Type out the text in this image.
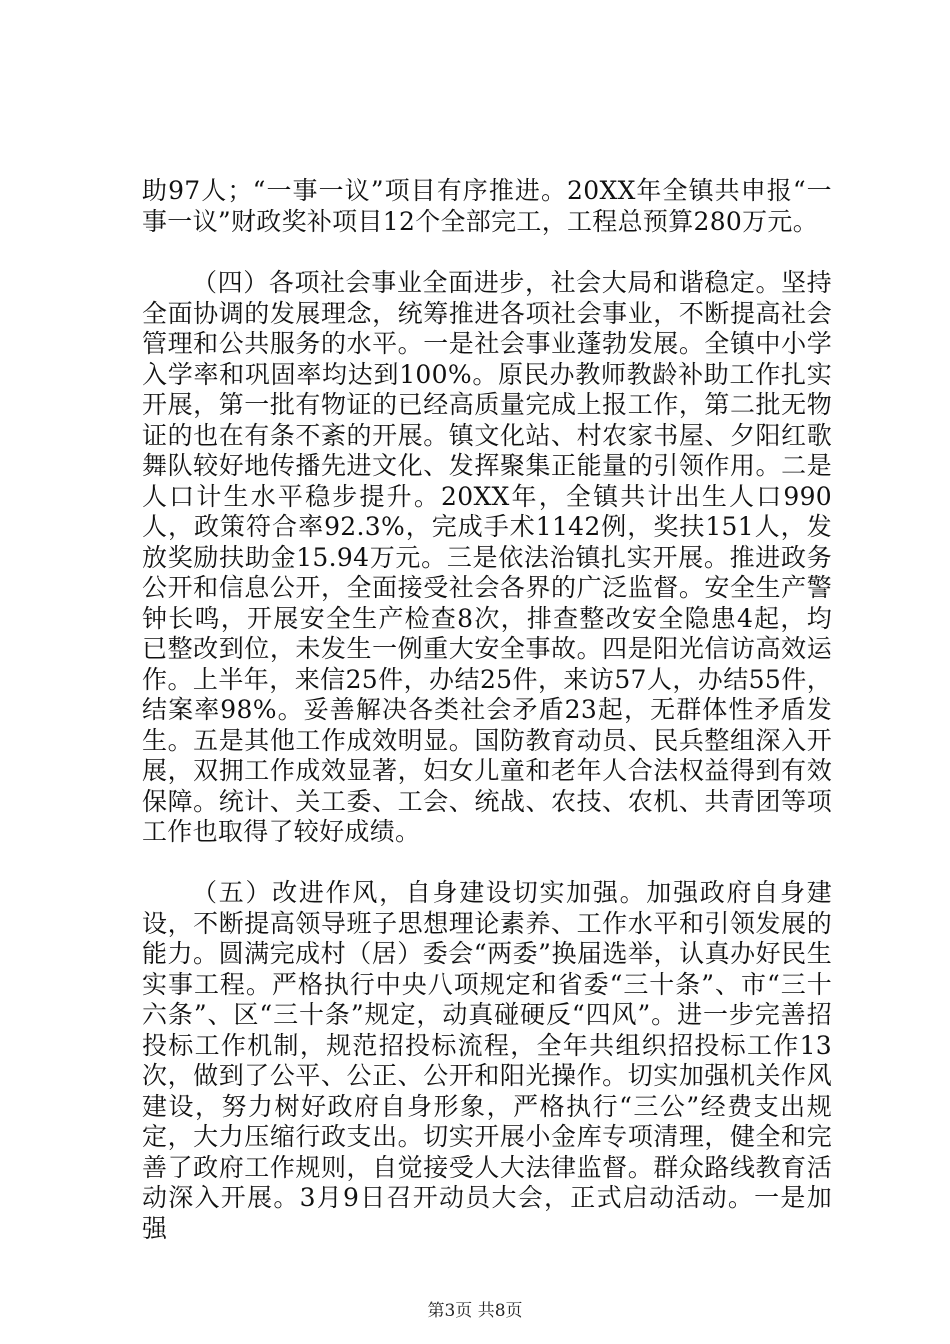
助97人；“一事一议”项目有序推进。20XX年全镇共申报“一事一议”财政奖补项目12个全部完工，工程总预算280万元。

（四）各项社会事业全面进步，社会大局和谐稳定。坚持全面协调的发展理念，统筹推进各项社会事业，不断提高社会管理和公共服务的水平。一是社会事业蓬勃发展。全镇中小学入学率和巩固率均达到100%。原民办教师教龄补助工作扎实开展，第一批有物证的已经高质量完成上报工作，第二批无物证的也在有条不紊的开展。镇文化站、村农家书屋、夕阳红歌舞队较好地传播先进文化、发挥聚集正能量的引领作用。二是人口计生水平稳步提升。20XX年，全镇共计出生人口990人，政策符合率92.3%，完成手术1142例，奖扶151人，发放奖励扶助金15.94万元。三是依法治镇扎实开展。推进政务公开和信息公开，全面接受社会各界的广泛监督。安全生产警钟长鸣，开展安全生产检查8次，排查整改安全隐患4起，均已整改到位，未发生一例重大安全事故。四是阳光信访高效运作。上半年，来信25件，办结25件，来访57人，办结55件，结案率98%。妥善解决各类社会矛盾23起，无群体性矛盾发生。五是其他工作成效明显。国防教育动员、民兵整组深入开展，双拥工作成效显著，妇女儿童和老年人合法权益得到有效保障。统计、关工委、工会、统战、农技、农机、共青团等项工作也取得了较好成绩。

（五）改进作风，自身建设切实加强。加强政府自身建设，不断提高领导班子思想理论素养、工作水平和引领发展的能力。圆满完成村（居）委会“两委”换届选举，认真办好民生实事工程。严格执行中央八项规定和省委“三十条”、市“三十六条”、区“三十条”规定，动真碰硬反“四风”。进一步完善招投标工作机制，规范招投标流程，全年共组织招投标工作13次，做到了公平、公正、公开和阳光操作。切实加强机关作风建设，努力树好政府自身形象，严格执行“三公”经费支出规定，大力压缩行政支出。切实开展小金库专项清理，健全和完善了政府工作规则，自觉接受人大法律监督。群众路线教育活动深入开展。3月9日召开动员大会，正式启动活动。一是加强

第3页 共8页
